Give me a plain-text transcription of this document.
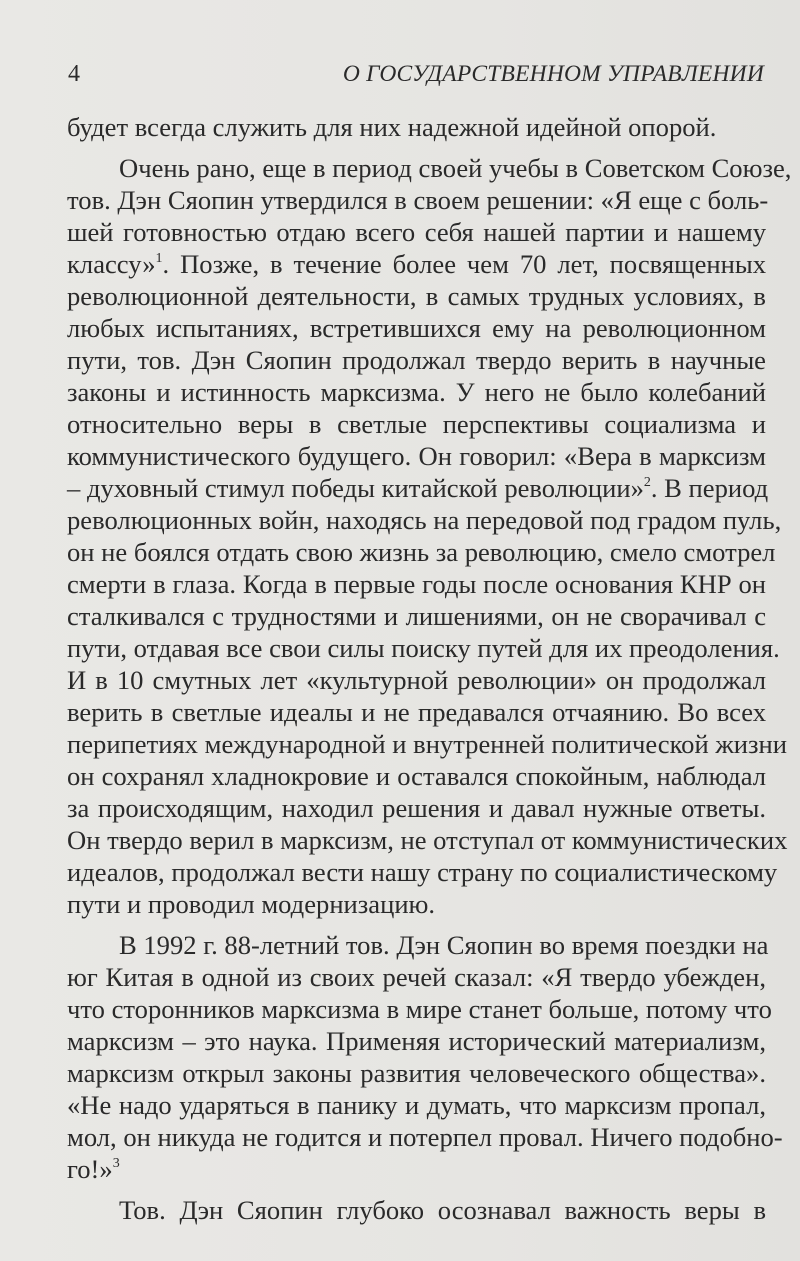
4	О ГОСУДАРСТВЕННОМ УПРАВЛЕНИИ
будет всегда служить для них надежной идейной опорой.
Очень рано, еще в период своей учебы в Советском Союзе,
тов. Дэн Сяопин утвердился в своем решении: «Я еще с боль-
шей готовностью отдаю всего себя нашей партии и нашему
классу»$^1$. Позже, в течение более чем 70 лет, посвященных
революционной деятельности, в самых трудных условиях, в
любых испытаниях, встретившихся ему на революционном
пути, тов. Дэн Сяопин продолжал твердо верить в научные
законы и истинность марксизма. У него не было колебаний
относительно веры в светлые перспективы социализма и
коммунистического будущего. Он говорил: «Вера в марксизм
– духовный стимул победы китайской революции»$^2$. В период
революционных войн, находясь на передовой под градом пуль,
он не боялся отдать свою жизнь за революцию, смело смотрел
смерти в глаза. Когда в первые годы после основания КНР он
сталкивался с трудностями и лишениями, он не сворачивал с
пути, отдавая все свои силы поиску путей для их преодоления.
И в 10 смутных лет «культурной революции» он продолжал
верить в светлые идеалы и не предавался отчаянию. Во всех
перипетиях международной и внутренней политической жизни
он сохранял хладнокровие и оставался спокойным, наблюдал
за происходящим, находил решения и давал нужные ответы.
Он твердо верил в марксизм, не отступал от коммунистических
идеалов, продолжал вести нашу страну по социалистическому
пути и проводил модернизацию.
В 1992 г. 88-летний тов. Дэн Сяопин во время поездки на
юг Китая в одной из своих речей сказал: «Я твердо убежден,
что сторонников марксизма в мире станет больше, потому что
марксизм – это наука. Применяя исторический материализм,
марксизм открыл законы развития человеческого общества».
«Не надо ударяться в панику и думать, что марксизм пропал,
мол, он никуда не годится и потерпел провал. Ничего подобно-
го!»$^3$
Тов. Дэн Сяопин глубоко осознавал важность веры в
